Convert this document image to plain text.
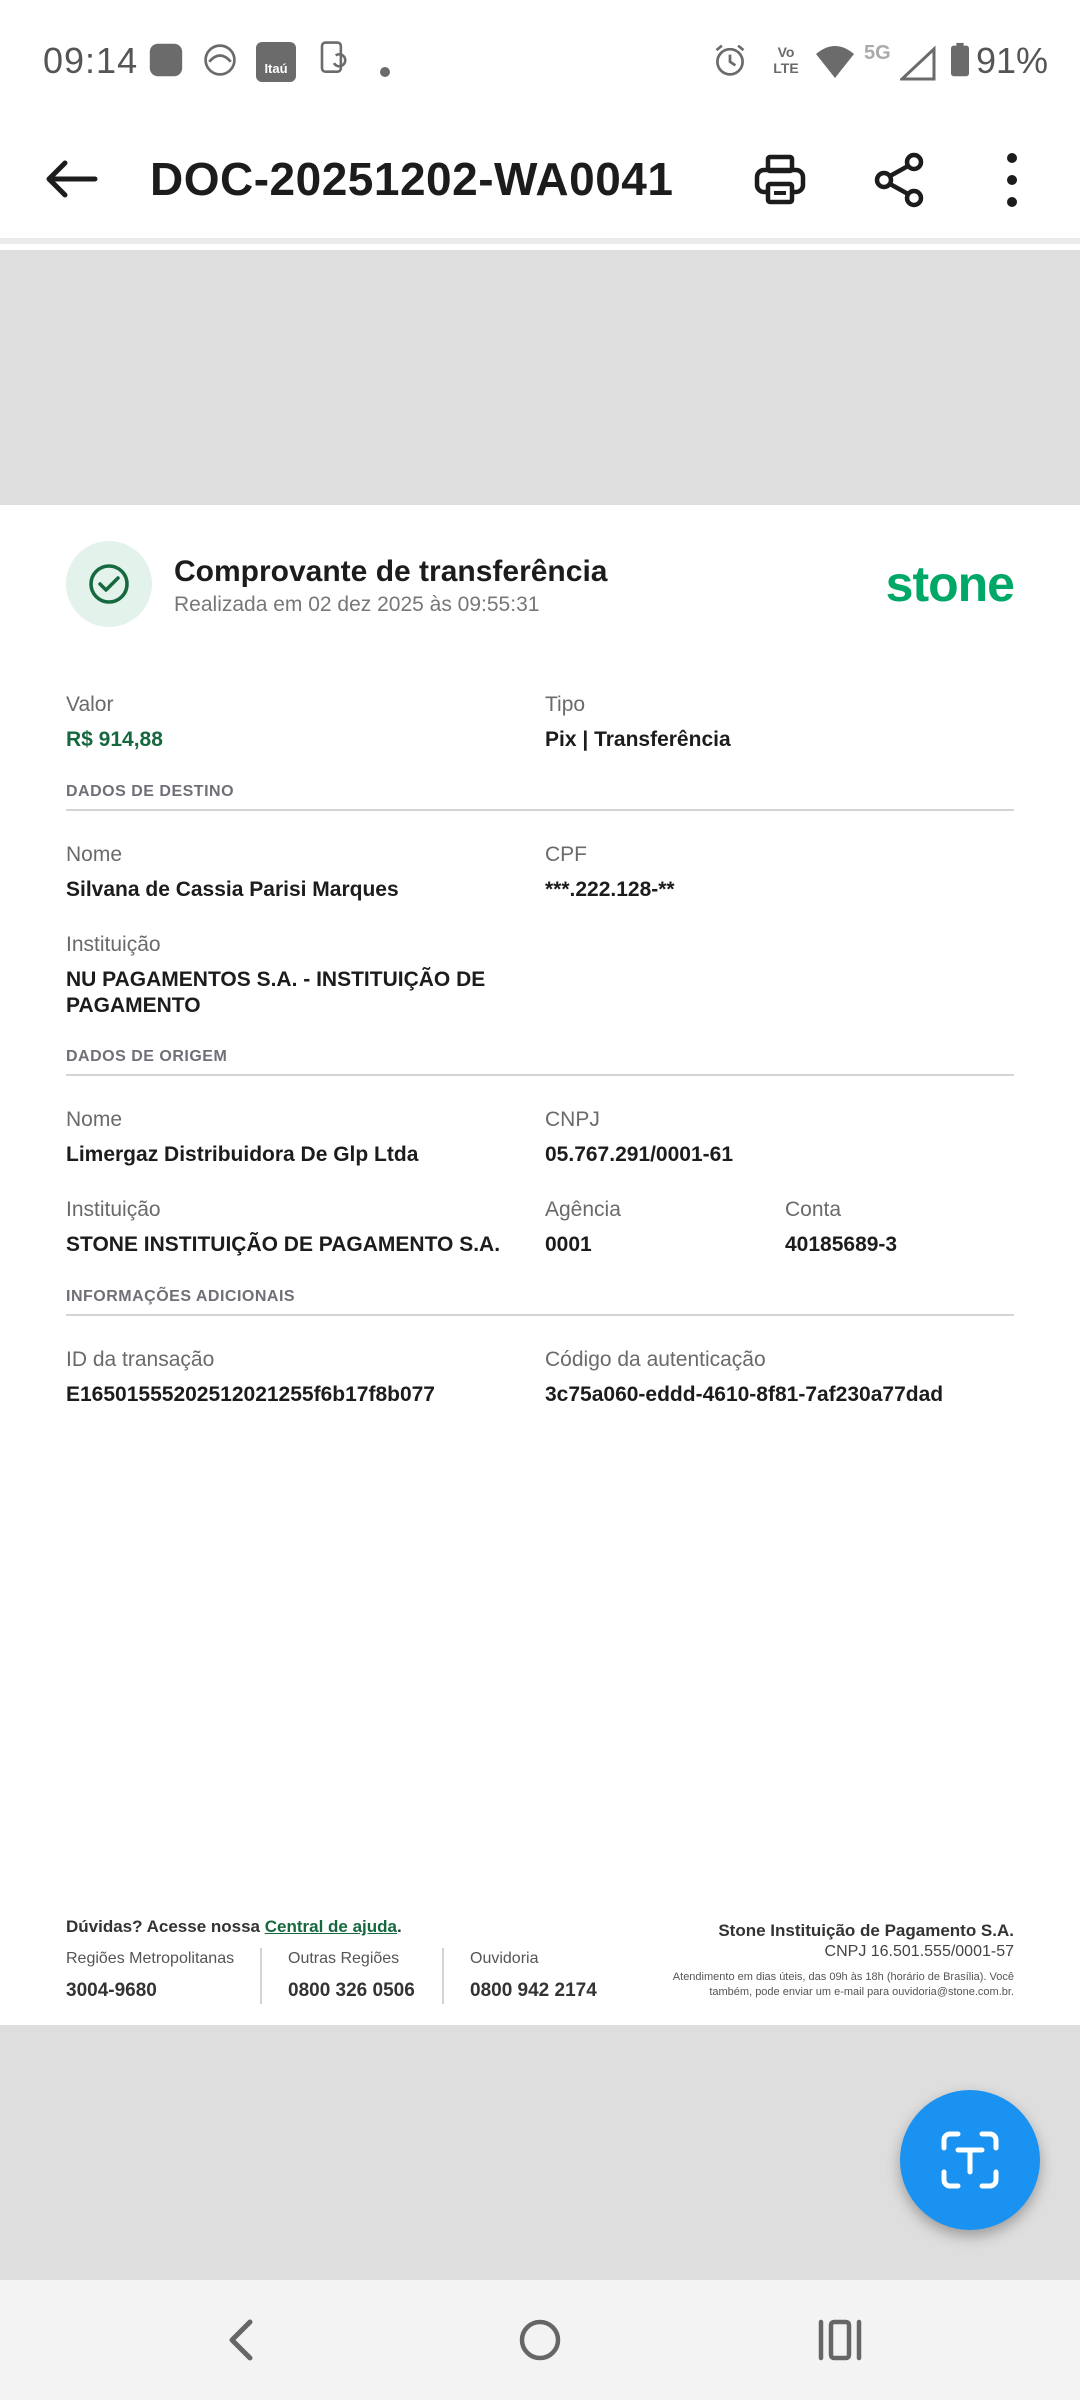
09:14	Itaú
Vo LTE
5G 91%
DOC-20251202-WA0041
Comprovante de transferência
Realizada em 02 dez 2025 às 09:55:31	stone
Valor
R$ 914,88
Tipo
Pix | Transferência
DADOS DE DESTINO
Nome
Silvana de Cassia Parisi Marques
CPF
***.222.128-**
Instituição
NU PAGAMENTOS S.A. - INSTITUIÇÃO DE
PAGAMENTO
DADOS DE ORIGEM
Nome
Limergaz Distribuidora De Glp Ltda
CNPJ
05.767.291/0001-61
Instituição
STONE INSTITUIÇÃO DE PAGAMENTO S.A.
Agência
0001
Conta
40185689-3
INFORMAÇÕES ADICIONAIS
ID da transação
E16501555202512021255f6b17f8b077
Código da autenticação
3c75a060-eddd-4610-8f81-7af230a77dad
Dúvidas? Acesse nossa Central de ajuda.
Regiões Metropolitanas
3004-9680
Outras Regiões
0800 326 0506
Ouvidoria
0800 942 2174
Stone Instituição de Pagamento S.A.
CNPJ 16.501.555/0001-57
Atendimento em dias úteis, das 09h às 18h (horário de Brasília). Você
também, pode enviar um e-mail para ouvidoria@stone.com.br.
